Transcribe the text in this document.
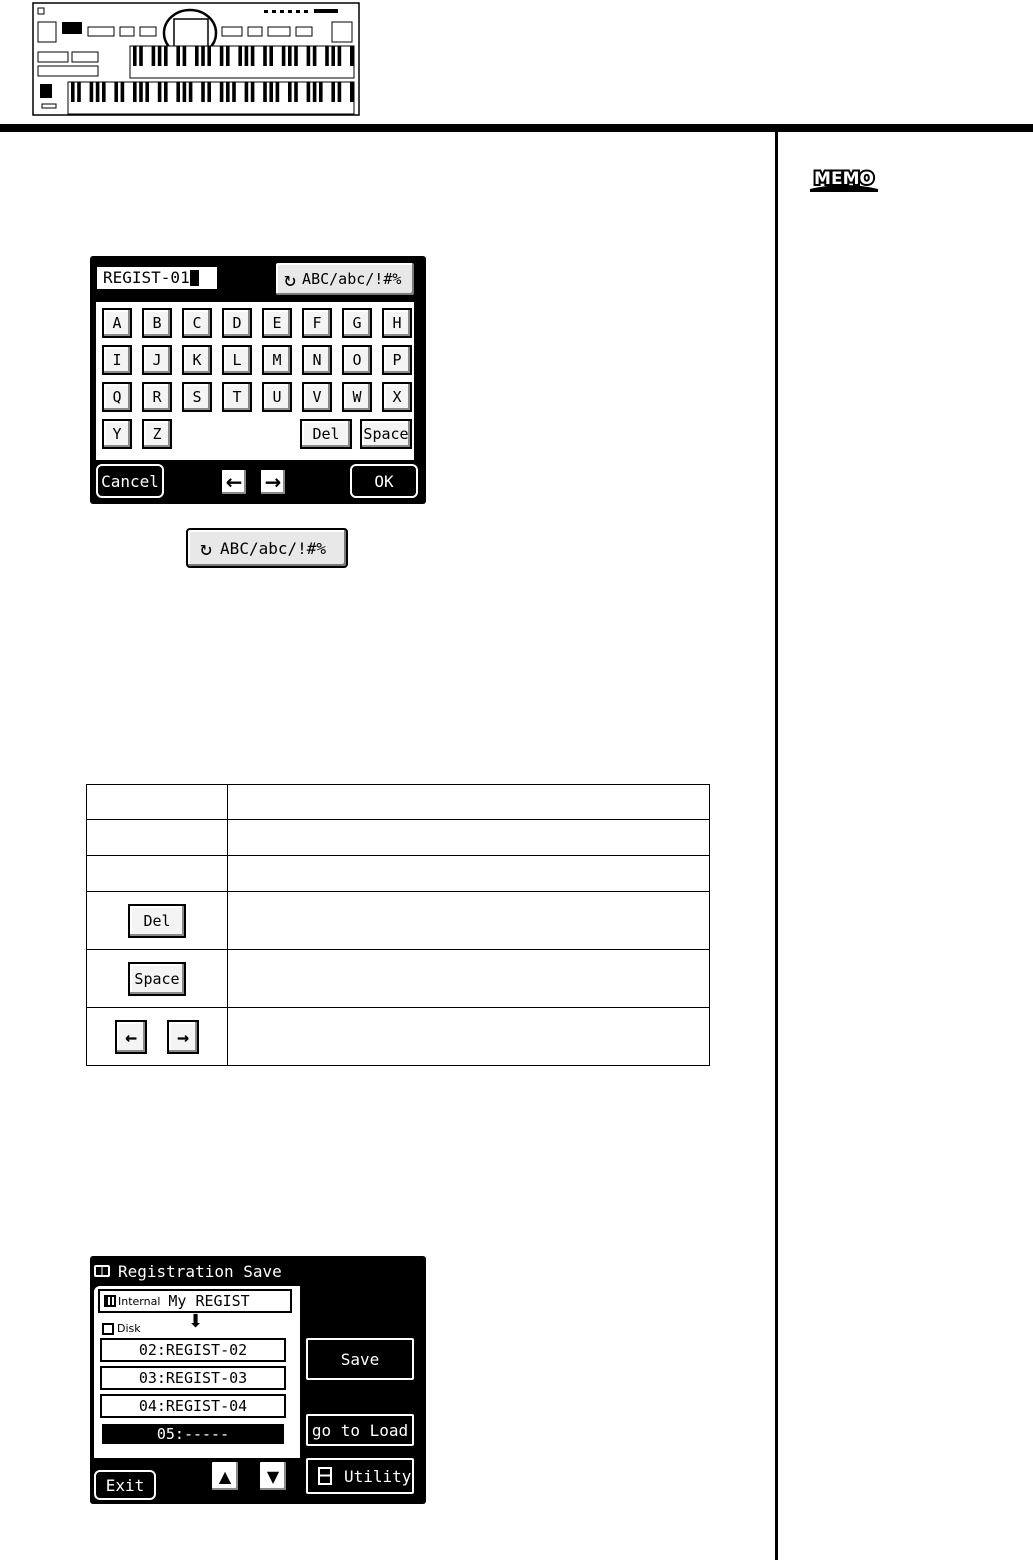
MEMO
REGIST-01	↻ ABC/abc/!#%
A	B	C	D	E	F	G	H
I	J	K	L	M	N	O	P
Q	R	S	T	U	V	W	X
Y	Z	Del	Space
Cancel	← →	OK
↻ ABC/abc/!#%

Del	

Space	

← →	

Registration Save
Internal My REGIST
⬇
Disk
02:REGIST-02
03:REGIST-03
04:REGIST-04
05:-----
Save
go to Load
Utility
Exit	▲ ▼
